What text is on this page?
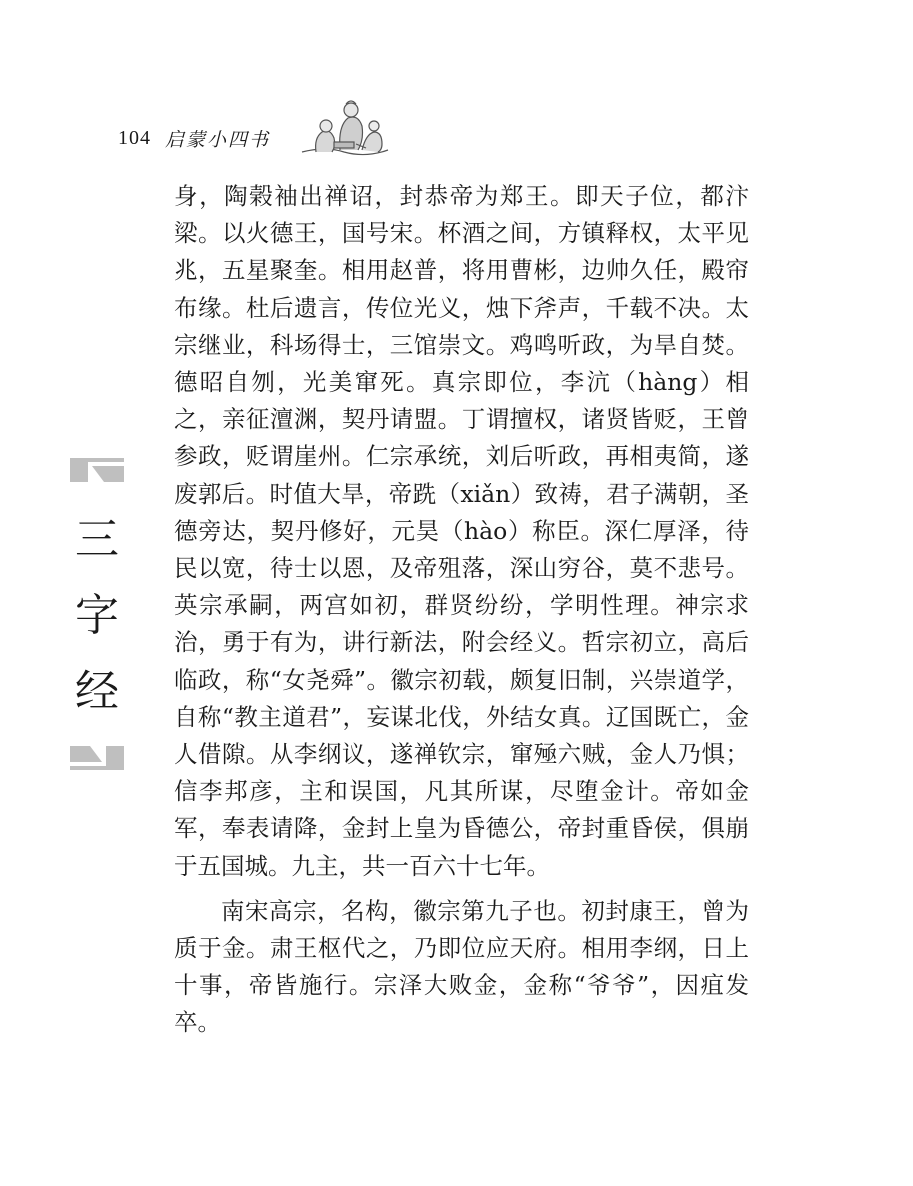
104 启蒙小四书
三
字
经

身，陶榖袖出禅诏，封恭帝为郑王。即天子位，都汴梁。以火德王，国号宋。杯酒之间，方镇释权，太平见兆，五星聚奎。相用赵普，将用曹彬，边帅久任，殿帘布缘。杜后遗言，传位光义，烛下斧声，千载不决。太宗继业，科场得士，三馆崇文。鸡鸣听政，为旱自焚。德昭自刎，光美窜死。真宗即位，李沆（hàng）相之，亲征澶渊，契丹请盟。丁谓擅权，诸贤皆贬，王曾参政，贬谓崖州。仁宗承统，刘后听政，再相夷简，遂废郭后。时值大旱，帝跣（xiǎn）致祷，君子满朝，圣德旁达，契丹修好，元昊（hào）称臣。深仁厚泽，待民以宽，待士以恩，及帝殂落，深山穷谷，莫不悲号。英宗承嗣，两宫如初，群贤纷纷，学明性理。神宗求治，勇于有为，讲行新法，附会经义。哲宗初立，高后临政，称“女尧舜”。徽宗初载，颇复旧制，兴崇道学，自称“教主道君”，妄谋北伐，外结女真。辽国既亡，金人借隙。从李纲议，遂禅钦宗，窜殛六贼，金人乃惧；信李邦彦，主和误国，凡其所谋，尽堕金计。帝如金军，奉表请降，金封上皇为昏德公，帝封重昏侯，俱崩于五国城。九主，共一百六十七年。

南宋高宗，名构，徽宗第九子也。初封康王，曾为质于金。肃王枢代之，乃即位应天府。相用李纲，日上十事，帝皆施行。宗泽大败金，金称“爷爷”，因疽发卒。
